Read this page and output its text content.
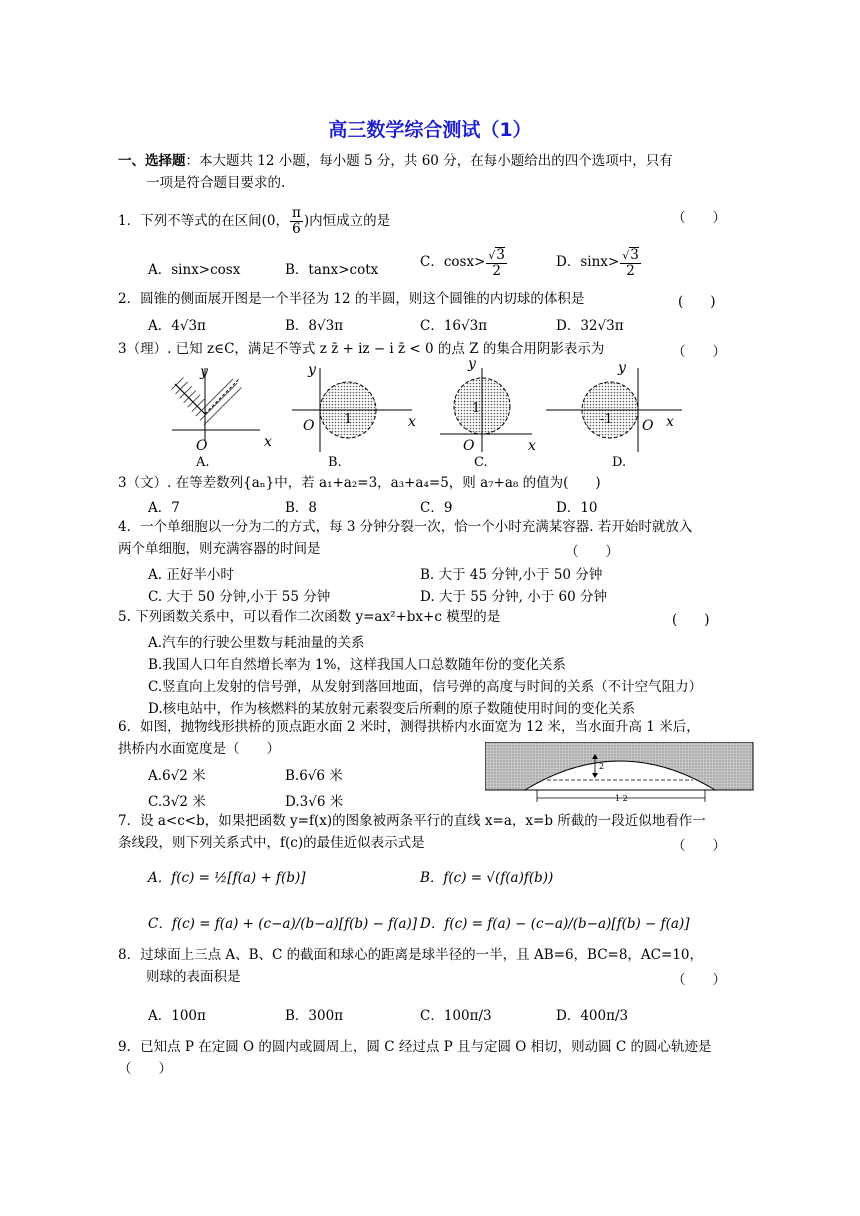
高三数学综合测试（1）
一、选择题：本大题共 12 小题，每小题 5 分，共 60 分，在每小题给出的四个选项中，只有
一项是符合题目要求的.
1．下列不等式的在区间(0， $\frac{\pi}{6}$ )内恒成立的是	（　　）
A．sinx>cosx	B．tanx>cotx	C．$\cos x> \frac{√3}{2}$	D．$\sin x> \frac{√3}{2}$
2．圆锥的侧面展开图是一个半径为 12 的半圆，则这个圆锥的内切球的体积是	(　　)
A．4√3π	B．8√3π	C．16√3π	D．32√3π
3（理）. 已知 z∈C，满足不等式 z z̄ + iz − i z̄ < 0 的点 Z 的集合用阴影表示为	（　　）
y
x
O
A.
y
x
O 1
B.
y
x
O
1
C.
y
x
O
-1
D.
3（文）. 在等差数列{aₙ}中，若 a₁+a₂=3，a₃+a₄=5，则 a₇+a₈ 的值为(　　)
A．7	B．8	C．9	D．10
4．一个单细胞以一分为二的方式，每 3 分钟分裂一次，恰一个小时充满某容器. 若开始时就放入
两个单细胞，则充满容器的时间是	（　　）
A. 正好半小时	B. 大于 45 分钟,小于 50 分钟
C. 大于 50 分钟,小于 55 分钟	D. 大于 55 分钟, 小于 60 分钟
5. 下列函数关系中，可以看作二次函数 y=ax²+bx+c 模型的是	(　　)
A.汽车的行驶公里数与耗油量的关系
B.我国人口年自然增长率为 1%，这样我国人口总数随年份的变化关系
C.竖直向上发射的信号弹，从发射到落回地面，信号弹的高度与时间的关系（不计空气阻力）
D.核电站中，作为核燃料的某放射元素裂变后所剩的原子数随使用时间的变化关系
6．如图，抛物线形拱桥的顶点距水面 2 米时，测得拱桥内水面宽为 12 米，当水面升高 1 米后，
拱桥内水面宽度是（　　）
A.6√2 米	B.6√6 米
C.3√2 米	D.3√6 米
2
1 2
7．设 a<c<b，如果把函数 y=f(x)的图象被两条平行的直线 x=a，x=b 所截的一段近似地看作一
条线段，则下列关系式中，f(c)的最佳近似表示式是	（　　）
A．f(c) = ½[f(a) + f(b)]	B．f(c) = √(f(a)f(b))
C．f(c) = f(a) + (c−a)/(b−a)[f(b) − f(a)] D．f(c) = f(a) − (c−a)/(b−a)[f(b) − f(a)]
8．过球面上三点 A、B、C 的截面和球心的距离是球半径的一半，且 AB=6，BC=8，AC=10，
则球的表面积是	（　　）
A．100π	B．300π	C．100π/3	D．400π/3
9．已知点 P 在定圆 O 的圆内或圆周上，圆 C 经过点 P 且与定圆 O 相切，则动圆 C 的圆心轨迹是
（　　）
